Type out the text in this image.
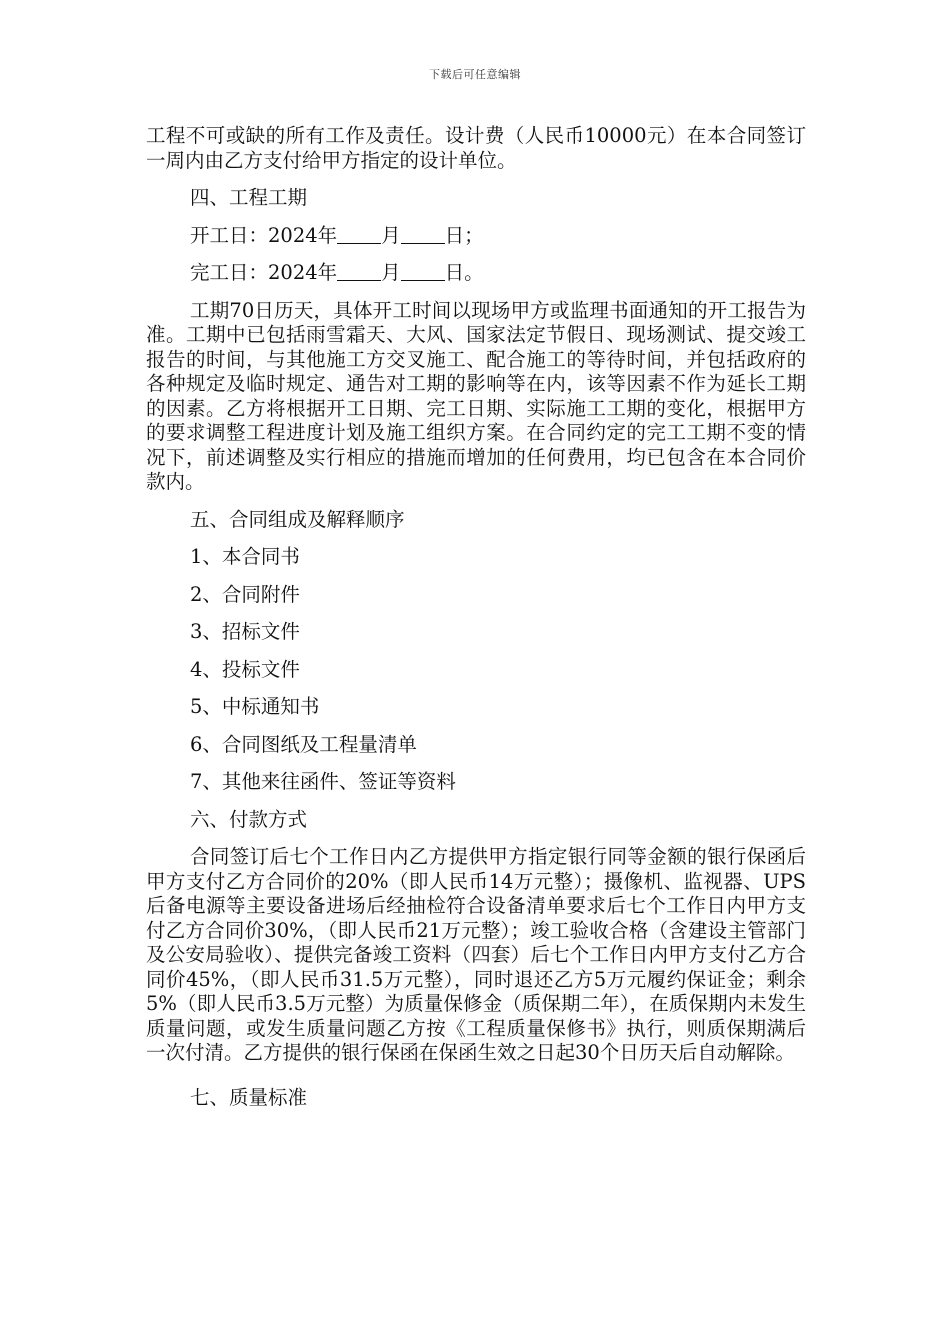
下载后可任意编辑

工程不可或缺的所有工作及责任。设计费（人民币10000元）在本合同签订一周内由乙方支付给甲方指定的设计单位。

四、工程工期

开工日：2024年 月 日；

完工日：2024年 月 日。

工期70日历天，具体开工时间以现场甲方或监理书面通知的开工报告为准。工期中已包括雨雪霜天、大风、国家法定节假日、现场测试、提交竣工报告的时间，与其他施工方交叉施工、配合施工的等待时间，并包括政府的各种规定及临时规定、通告对工期的影响等在内，该等因素不作为延长工期的因素。乙方将根据开工日期、完工日期、实际施工工期的变化，根据甲方的要求调整工程进度计划及施工组织方案。在合同约定的完工工期不变的情况下，前述调整及实行相应的措施而增加的任何费用，均已包含在本合同价款内。

五、合同组成及解释顺序

1、本合同书

2、合同附件

3、招标文件

4、投标文件

5、中标通知书

6、合同图纸及工程量清单

7、其他来往函件、签证等资料

六、付款方式

合同签订后七个工作日内乙方提供甲方指定银行同等金额的银行保函后甲方支付乙方合同价的20%（即人民币14万元整）；摄像机、监视器、UPS后备电源等主要设备进场后经抽检符合设备清单要求后七个工作日内甲方支付乙方合同价30%，（即人民币21万元整）；竣工验收合格（含建设主管部门及公安局验收）、提供完备竣工资料（四套）后七个工作日内甲方支付乙方合同价45%，（即人民币31.5万元整），同时退还乙方5万元履约保证金；剩余5%（即人民币3.5万元整）为质量保修金（质保期二年），在质保期内未发生质量问题，或发生质量问题乙方按《工程质量保修书》执行，则质保期满后一次付清。乙方提供的银行保函在保函生效之日起30个日历天后自动解除。

七、质量标准
